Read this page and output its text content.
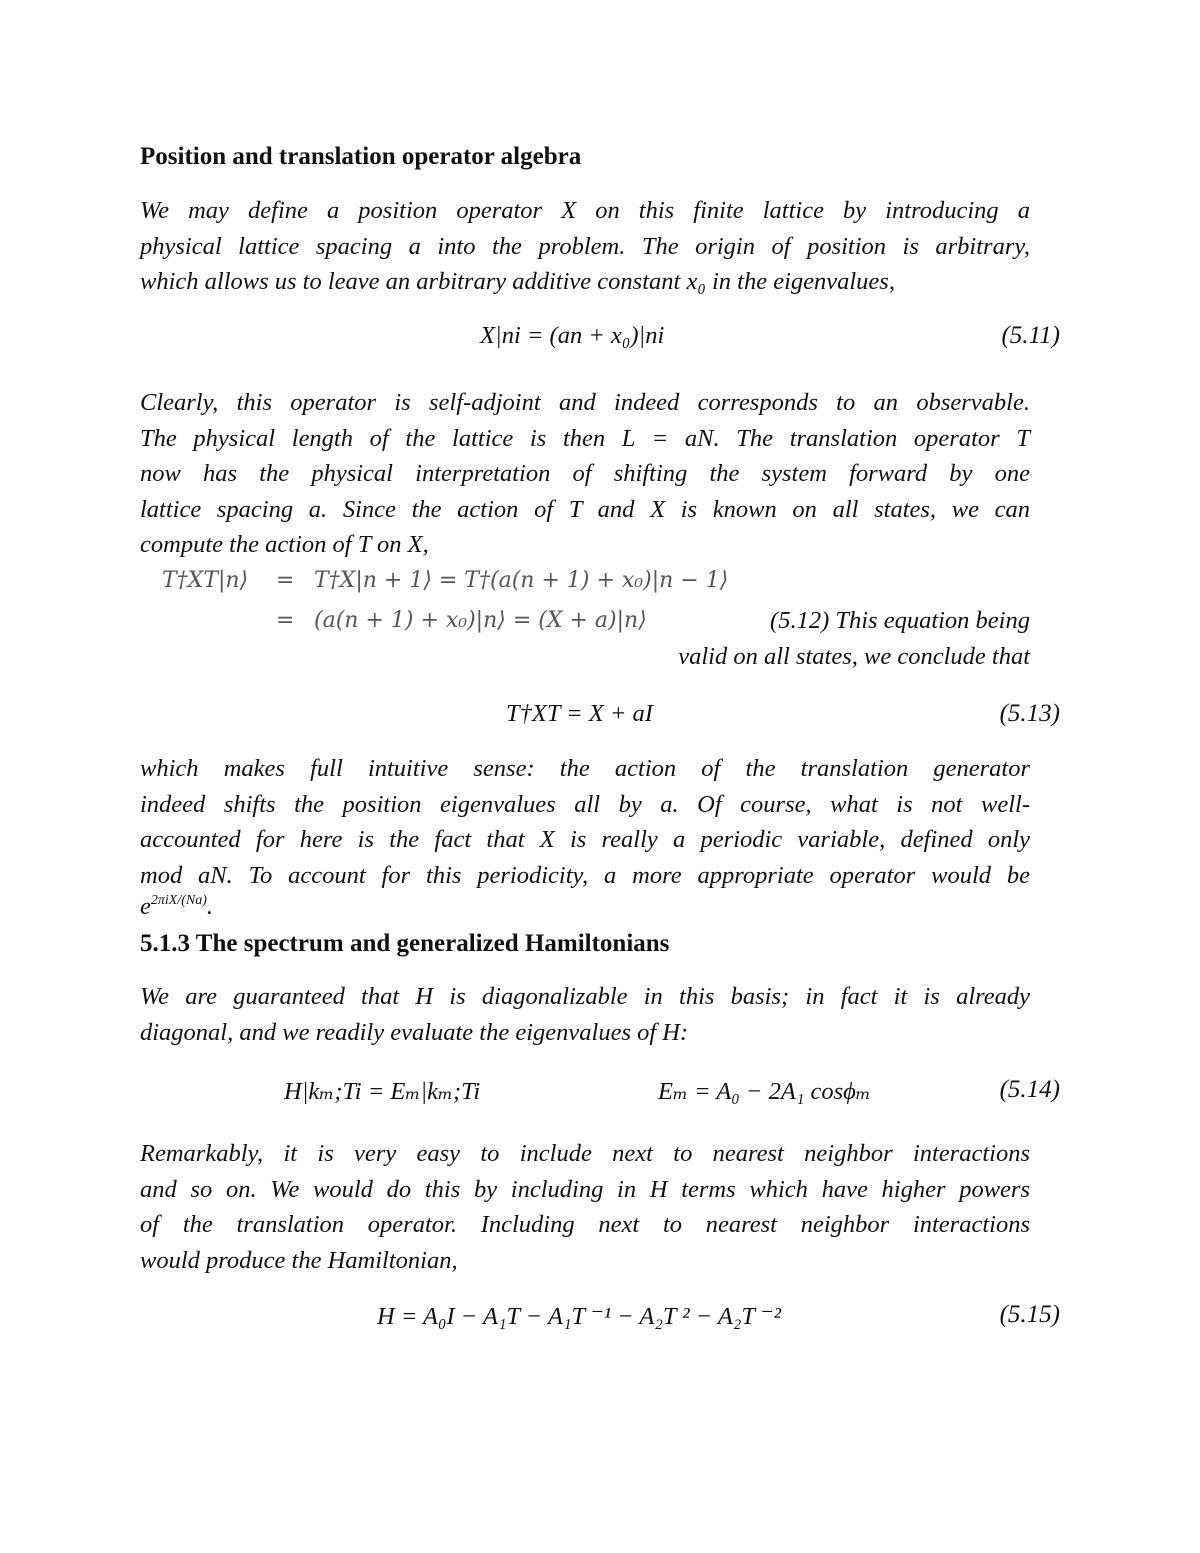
Position and translation operator algebra
We may define a position operator X on this finite lattice by introducing a
physical lattice spacing a into the problem. The origin of position is arbitrary,
which allows us to leave an arbitrary additive constant x₀ in the eigenvalues,
X|ni = (an + x₀)|ni	(5.11)
Clearly, this operator is self-adjoint and indeed corresponds to an observable.
The physical length of the lattice is then L = aN. The translation operator T
now has the physical interpretation of shifting the system forward by one
lattice spacing a. Since the action of T and X is known on all states, we can
compute the action of T on X,
T†XT|n⟩ = T†X|n + 1⟩ = T†(a(n + 1) + x₀)|n − 1⟩
= (a(n + 1) + x₀)|n⟩ = (X + a)|n⟩	(5.12) This equation being
valid on all states, we conclude that
T†XT = X + aI	(5.13)
which makes full intuitive sense: the action of the translation generator
indeed shifts the position eigenvalues all by a. Of course, what is not well-
accounted for here is the fact that X is really a periodic variable, defined only
mod aN. To account for this periodicity, a more appropriate operator would be
$e^{2\pi iX/(Na)}$.
5.1.3 The spectrum and generalized Hamiltonians
We are guaranteed that H is diagonalizable in this basis; in fact it is already
diagonal, and we readily evaluate the eigenvalues of H:
H|kₘ;Ti = Eₘ|kₘ;Ti	Eₘ = A₀ − 2A₁ cosϕₘ	(5.14)
Remarkably, it is very easy to include next to nearest neighbor interactions
and so on. We would do this by including in H terms which have higher powers
of the translation operator. Including next to nearest neighbor interactions
would produce the Hamiltonian,
H = A₀I − A₁T − A₁T ⁻¹ − A₂T ² − A₂T ⁻²	(5.15)
